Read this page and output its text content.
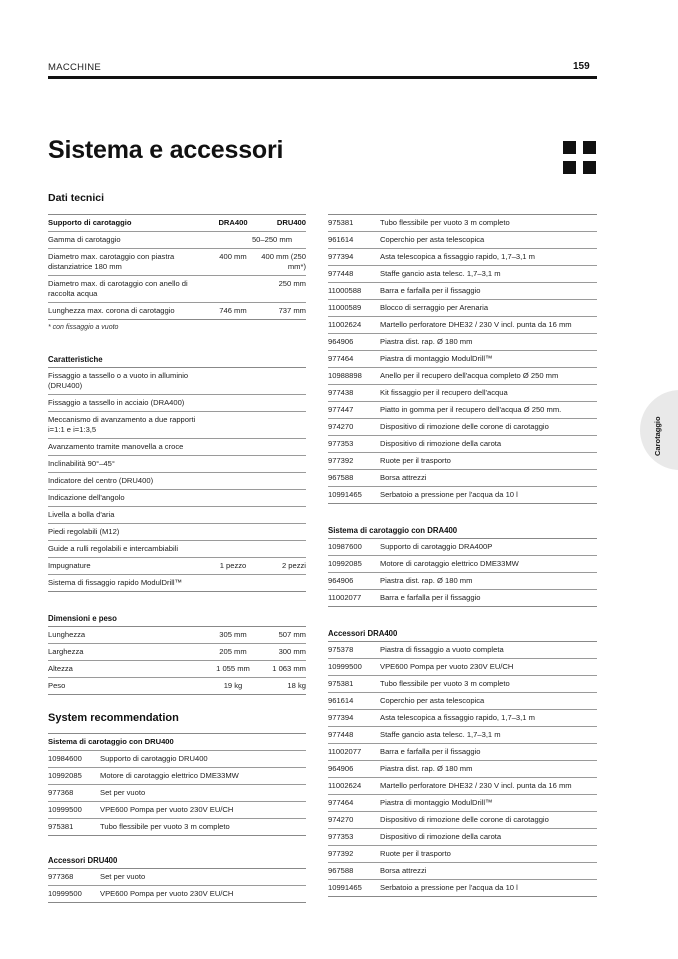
MACCHINE	159
Sistema e accessori
Dati tecnici
Supporto di carotaggio	DRA400	DRU400
Gamma di carotaggio	50–250 mm	
Diametro max. carotaggio con piastra distanziatrice 180 mm	400 mm	400 mm (250 mm*)
Diametro max. di carotaggio con anello di raccolta acqua		250 mm
Lunghezza max. corona di carotaggio	746 mm	737 mm
* con fissaggio a vuoto
Caratteristiche
Fissaggio a tassello o a vuoto in alluminio (DRU400)		
Fissaggio a tassello in acciaio (DRA400)		
Meccanismo di avanzamento a due rapporti i=1:1 e i=1:3,5		
Avanzamento tramite manovella a croce		
Inclinabilità 90°–45°		
Indicatore del centro (DRU400)		
Indicazione dell'angolo		
Livella a bolla d'aria		
Piedi regolabili (M12)		
Guide a rulli regolabili e intercambiabili		
Impugnature	1 pezzo	2 pezzi
Sistema di fissaggio rapido ModulDrill™		
Dimensioni e peso
Lunghezza	305 mm	507 mm
Larghezza	205 mm	300 mm
Altezza	1 055 mm	1 063 mm
Peso	19 kg	18 kg
System recommendation
Sistema di carotaggio con DRU400	
10984600	Supporto di carotaggio DRU400
10992085	Motore di carotaggio elettrico DME33MW
977368	Set per vuoto
10999500	VPE600 Pompa per vuoto 230V EU/CH
975381	Tubo flessibile per vuoto 3 m completo
Accessori DRU400
977368	Set per vuoto
10999500	VPE600 Pompa per vuoto 230V EU/CH
975381	Tubo flessibile per vuoto 3 m completo
961614	Coperchio per asta telescopica
977394	Asta telescopica a fissaggio rapido, 1,7–3,1 m
977448	Staffe gancio asta telesc. 1,7–3,1 m
11000588	Barra e farfalla per il fissaggio
11000589	Blocco di serraggio per Arenaria
11002624	Martello perforatore DHE32 / 230 V incl. punta da 16 mm
964906	Piastra dist. rap. Ø 180 mm
977464	Piastra di montaggio ModulDrill™
10988898	Anello per il recupero dell'acqua completo Ø 250 mm
977438	Kit fissaggio per il recupero dell'acqua
977447	Piatto in gomma per il recupero dell'acqua Ø 250 mm.
974270	Dispositivo di rimozione delle corone di carotaggio
977353	Dispositivo di rimozione della carota
977392	Ruote per il trasporto
967588	Borsa attrezzi
10991465	Serbatoio a pressione per l'acqua da 10 l
Sistema di carotaggio con DRA400
10987600	Supporto di carotaggio DRA400P
10992085	Motore di carotaggio elettrico DME33MW
964906	Piastra dist. rap. Ø 180 mm
11002077	Barra e farfalla per il fissaggio
Accessori DRA400
975378	Piastra di fissaggio a vuoto completa
10999500	VPE600 Pompa per vuoto 230V EU/CH
975381	Tubo flessibile per vuoto 3 m completo
961614	Coperchio per asta telescopica
977394	Asta telescopica a fissaggio rapido, 1,7–3,1 m
977448	Staffe gancio asta telesc. 1,7–3,1 m
11002077	Barra e farfalla per il fissaggio
964906	Piastra dist. rap. Ø 180 mm
11002624	Martello perforatore DHE32 / 230 V incl. punta da 16 mm
977464	Piastra di montaggio ModulDrill™
974270	Dispositivo di rimozione delle corone di carotaggio
977353	Dispositivo di rimozione della carota
977392	Ruote per il trasporto
967588	Borsa attrezzi
10991465	Serbatoio a pressione per l'acqua da 10 l
Carotaggio
